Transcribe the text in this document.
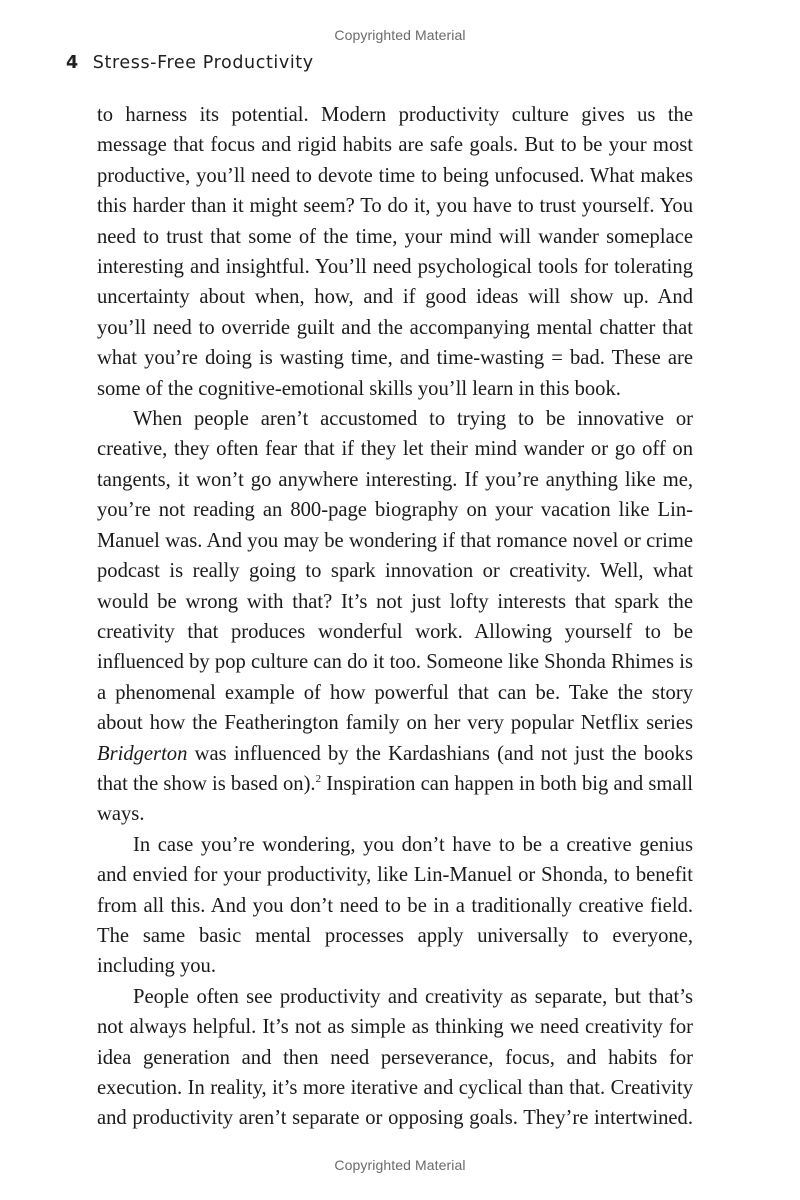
Copyrighted Material
4 Stress-Free Productivity

to harness its potential. Modern productivity culture gives us the message that focus and rigid habits are safe goals. But to be your most productive, you’ll need to devote time to being unfocused. What makes this harder than it might seem? To do it, you have to trust yourself. You need to trust that some of the time, your mind will wander someplace interesting and insightful. You’ll need psychological tools for tolerating uncertainty about when, how, and if good ideas will show up. And you’ll need to override guilt and the accompanying mental chatter that what you’re doing is wasting time, and time-wasting = bad. These are some of the cognitive-emotional skills you’ll learn in this book.

When people aren’t accustomed to trying to be innovative or creative, they often fear that if they let their mind wander or go off on tangents, it won’t go anywhere interesting. If you’re anything like me, you’re not reading an 800-page biography on your vacation like Lin-Manuel was. And you may be wondering if that romance novel or crime podcast is really going to spark innovation or creativity. Well, what would be wrong with that? It’s not just lofty interests that spark the creativity that produces wonderful work. Allowing yourself to be influenced by pop culture can do it too. Someone like Shonda Rhimes is a phenomenal example of how powerful that can be. Take the story about how the Featherington family on her very popular Netflix series Bridgerton was influenced by the Kardashians (and not just the books that the show is based on).$^2$ Inspiration can happen in both big and small ways.

In case you’re wondering, you don’t have to be a creative genius and envied for your productivity, like Lin-Manuel or Shonda, to benefit from all this. And you don’t need to be in a traditionally creative field. The same basic mental processes apply universally to everyone, including you.

People often see productivity and creativity as separate, but that’s not always helpful. It’s not as simple as thinking we need creativity for idea generation and then need perseverance, focus, and habits for execution. In reality, it’s more iterative and cyclical than that. Creativity and productivity aren’t separate or opposing goals. They’re intertwined.

Copyrighted Material
